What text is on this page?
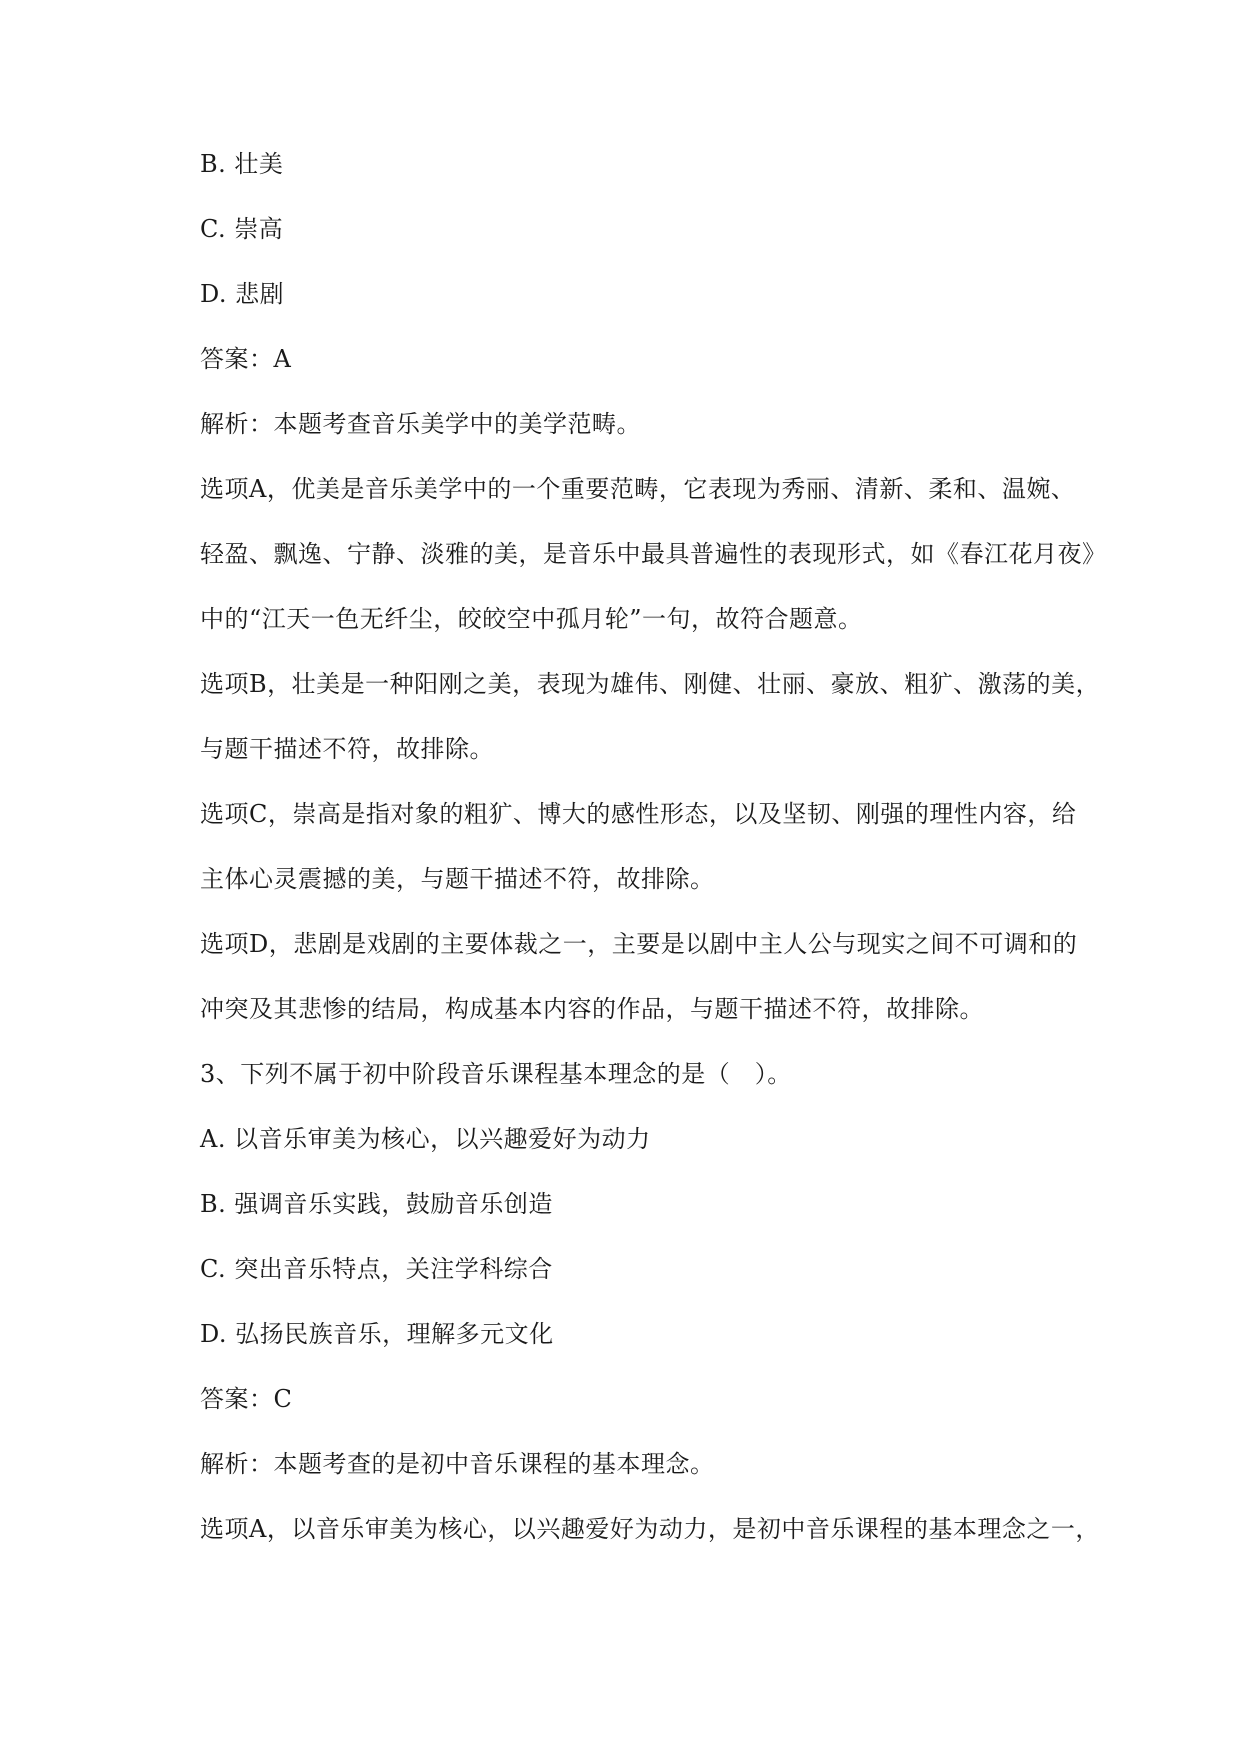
B. 壮美
C. 崇高
D. 悲剧
答案：A
解析：本题考查音乐美学中的美学范畴。
选项A，优美是音乐美学中的一个重要范畴，它表现为秀丽、清新、柔和、温婉、
轻盈、飘逸、宁静、淡雅的美，是音乐中最具普遍性的表现形式，如《春江花月夜》
中的“江天一色无纤尘，皎皎空中孤月轮”一句，故符合题意。
选项B，壮美是一种阳刚之美，表现为雄伟、刚健、壮丽、豪放、粗犷、激荡的美，
与题干描述不符，故排除。
选项C，崇高是指对象的粗犷、博大的感性形态，以及坚韧、刚强的理性内容，给
主体心灵震撼的美，与题干描述不符，故排除。
选项D，悲剧是戏剧的主要体裁之一，主要是以剧中主人公与现实之间不可调和的
冲突及其悲惨的结局，构成基本内容的作品，与题干描述不符，故排除。
3、下列不属于初中阶段音乐课程基本理念的是（　）。
A. 以音乐审美为核心，以兴趣爱好为动力
B. 强调音乐实践，鼓励音乐创造
C. 突出音乐特点，关注学科综合
D. 弘扬民族音乐，理解多元文化
答案：C
解析：本题考查的是初中音乐课程的基本理念。
选项A，以音乐审美为核心，以兴趣爱好为动力，是初中音乐课程的基本理念之一，
